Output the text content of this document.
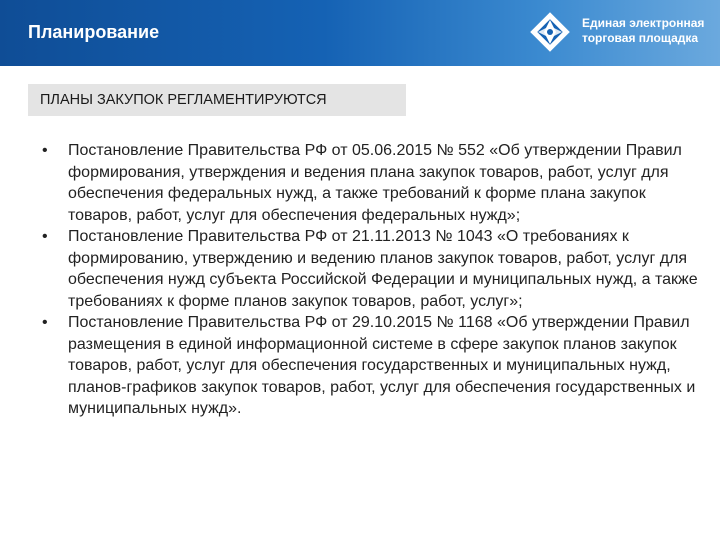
Планирование	Единая электронная
торговая площадка
ПЛАНЫ ЗАКУПОК РЕГЛАМЕНТИРУЮТСЯ
• Постановление Правительства РФ от 05.06.2015 № 552 «Об утверждении Правил формирования, утверждения и ведения плана закупок товаров, работ, услуг для обеспечения федеральных нужд, а также требований к форме плана закупок товаров, работ, услуг для обеспечения федеральных нужд»;
• Постановление Правительства РФ от 21.11.2013 № 1043 «О требованиях к формированию, утверждению и ведению планов закупок товаров, работ, услуг для обеспечения нужд субъекта Российской Федерации и муниципальных нужд, а также требованиях к форме планов закупок товаров, работ, услуг»;
• Постановление Правительства РФ от 29.10.2015 № 1168 «Об утверждении Правил размещения в единой информационной системе в сфере закупок планов закупок товаров, работ, услуг для обеспечения государственных и муниципальных нужд, планов‑графиков закупок товаров, работ, услуг для обеспечения государственных и муниципальных нужд».
